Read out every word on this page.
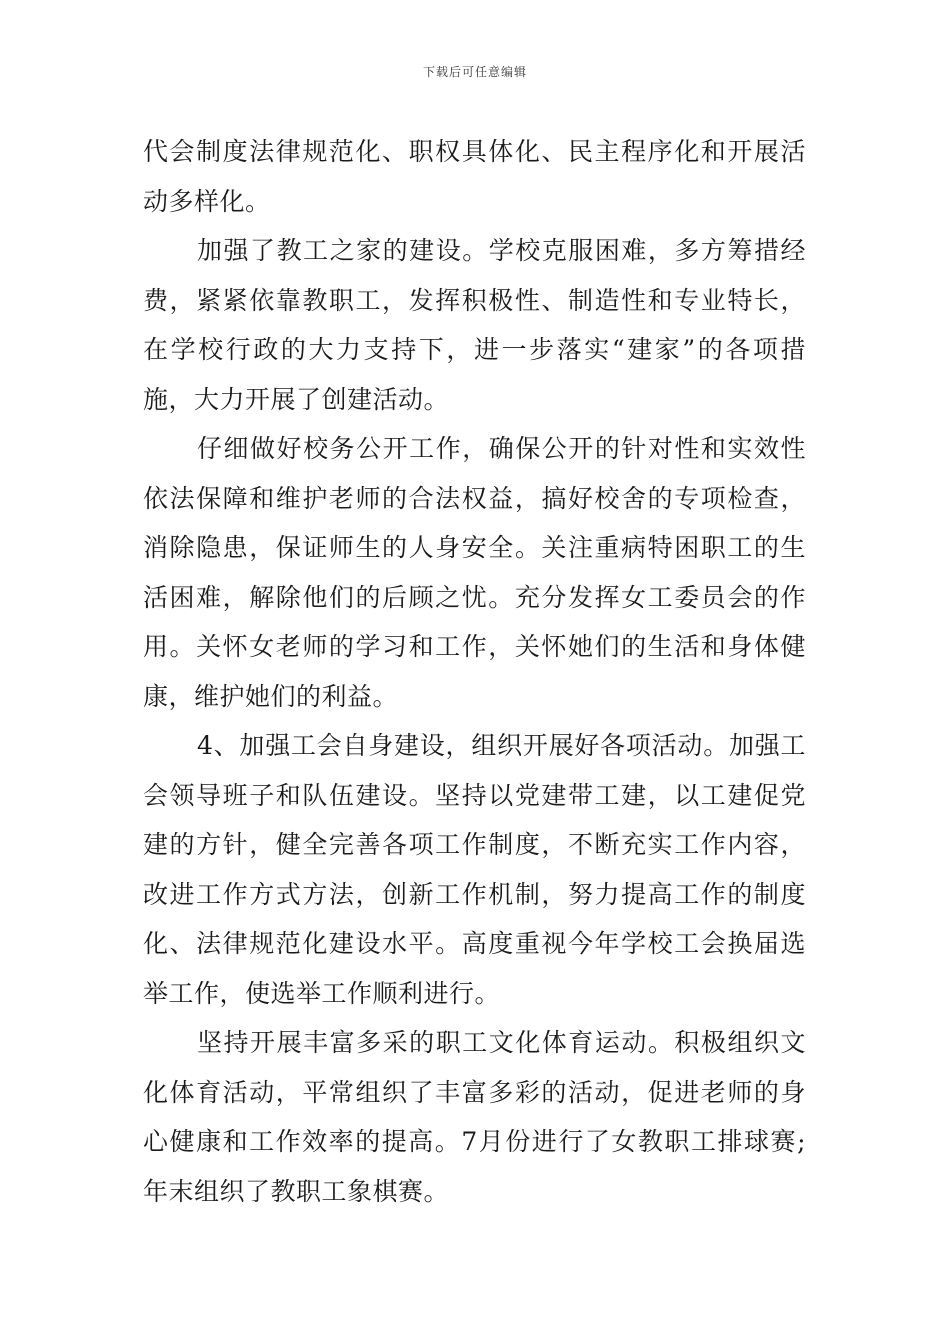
下载后可任意编辑
代会制度法律规范化、职权具体化、民主程序化和开展活
动多样化。
加强了教工之家的建设。学校克服困难，多方筹措经
费，紧紧依靠教职工，发挥积极性、制造性和专业特长，
在学校行政的大力支持下，进一步落实“建家”的各项措
施，大力开展了创建活动。
仔细做好校务公开工作，确保公开的针对性和实效性
依法保障和维护老师的合法权益，搞好校舍的专项检查，
消除隐患，保证师生的人身安全。关注重病特困职工的生
活困难，解除他们的后顾之忧。充分发挥女工委员会的作
用。关怀女老师的学习和工作，关怀她们的生活和身体健
康，维护她们的利益。
4、加强工会自身建设，组织开展好各项活动。加强工
会领导班子和队伍建设。坚持以党建带工建，以工建促党
建的方针，健全完善各项工作制度，不断充实工作内容，
改进工作方式方法，创新工作机制，努力提高工作的制度
化、法律规范化建设水平。高度重视今年学校工会换届选
举工作，使选举工作顺利进行。
坚持开展丰富多采的职工文化体育运动。积极组织文
化体育活动，平常组织了丰富多彩的活动，促进老师的身
心健康和工作效率的提高。7月份进行了女教职工排球赛;
年末组织了教职工象棋赛。
